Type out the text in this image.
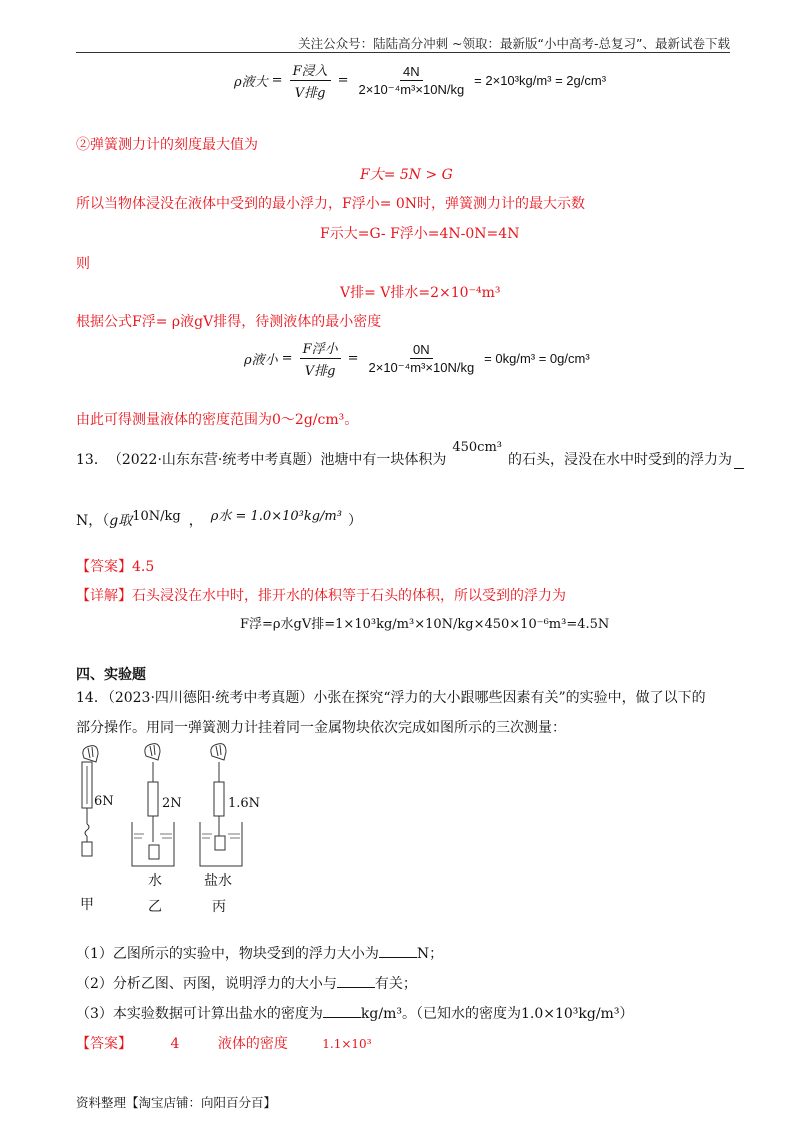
关注公众号：陆陆高分冲刺 ~领取：最新版“小中高考-总复习”、最新试卷下载
ρ液大 = $\frac{\text{F浸入}}{\text{V排g}} = \frac{4N}{\text{2×10⁻⁴m³×10N/kg}} = 2\times 10^3kg/m^3 = 2g/cm^3$
②弹簧测力计的刻度最大值为
F大= 5N > G
所以当物体浸没在液体中受到的最小浮力，F浮小= 0N时，弹簧测力计的最大示数
F示大=G- F浮小=4N-0N=4N
则
V排= V排水=2×10⁻⁴m³
根据公式F浮= ρ液gV排得，待测液体的最小密度
ρ液小 = $\frac{\text{F浮小}}{\text{V排g}} = \frac{0N}{\text{2×10⁻⁴m³×10N/kg}} = 0kg/m^3 = 0g/cm^3$
由此可得测量液体的密度范围为0～2g/cm³。
13． （2022·山东东营·统考中考真题）池塘中有一块体积为
450cm³
的石头，浸没在水中时受到的浮力为
N，（ g取 10N/kg ， ρ水 = 1.0×10³kg/m³ ）
【答案】4.5
【详解】石头浸没在水中时，排开水的体积等于石头的体积，所以受到的浮力为
F浮=ρ水gV排=1×10³kg/m³×10N/kg×450×10⁻⁶m³=4.5N
四、实验题
14．（2023·四川德阳·统考中考真题）小张在探究“浮力的大小跟哪些因素有关”的实验中，做了以下的
部分操作。用同一弹簧测力计挂着同一金属物块依次完成如图所示的三次测量：
6N	2N	1.6N
水	盐水
甲	乙	丙
（1）乙图所示的实验中，物块受到的浮力大小为	N；
（2）分析乙图、丙图，说明浮力的大小与	有关；
（3）本实验数据可计算出盐水的密度为	kg/m³。（已知水的密度为1.0×10³kg/m³）
【答案】	4	液体的密度	1.1×10³
资料整理【淘宝店铺：向阳百分百】
